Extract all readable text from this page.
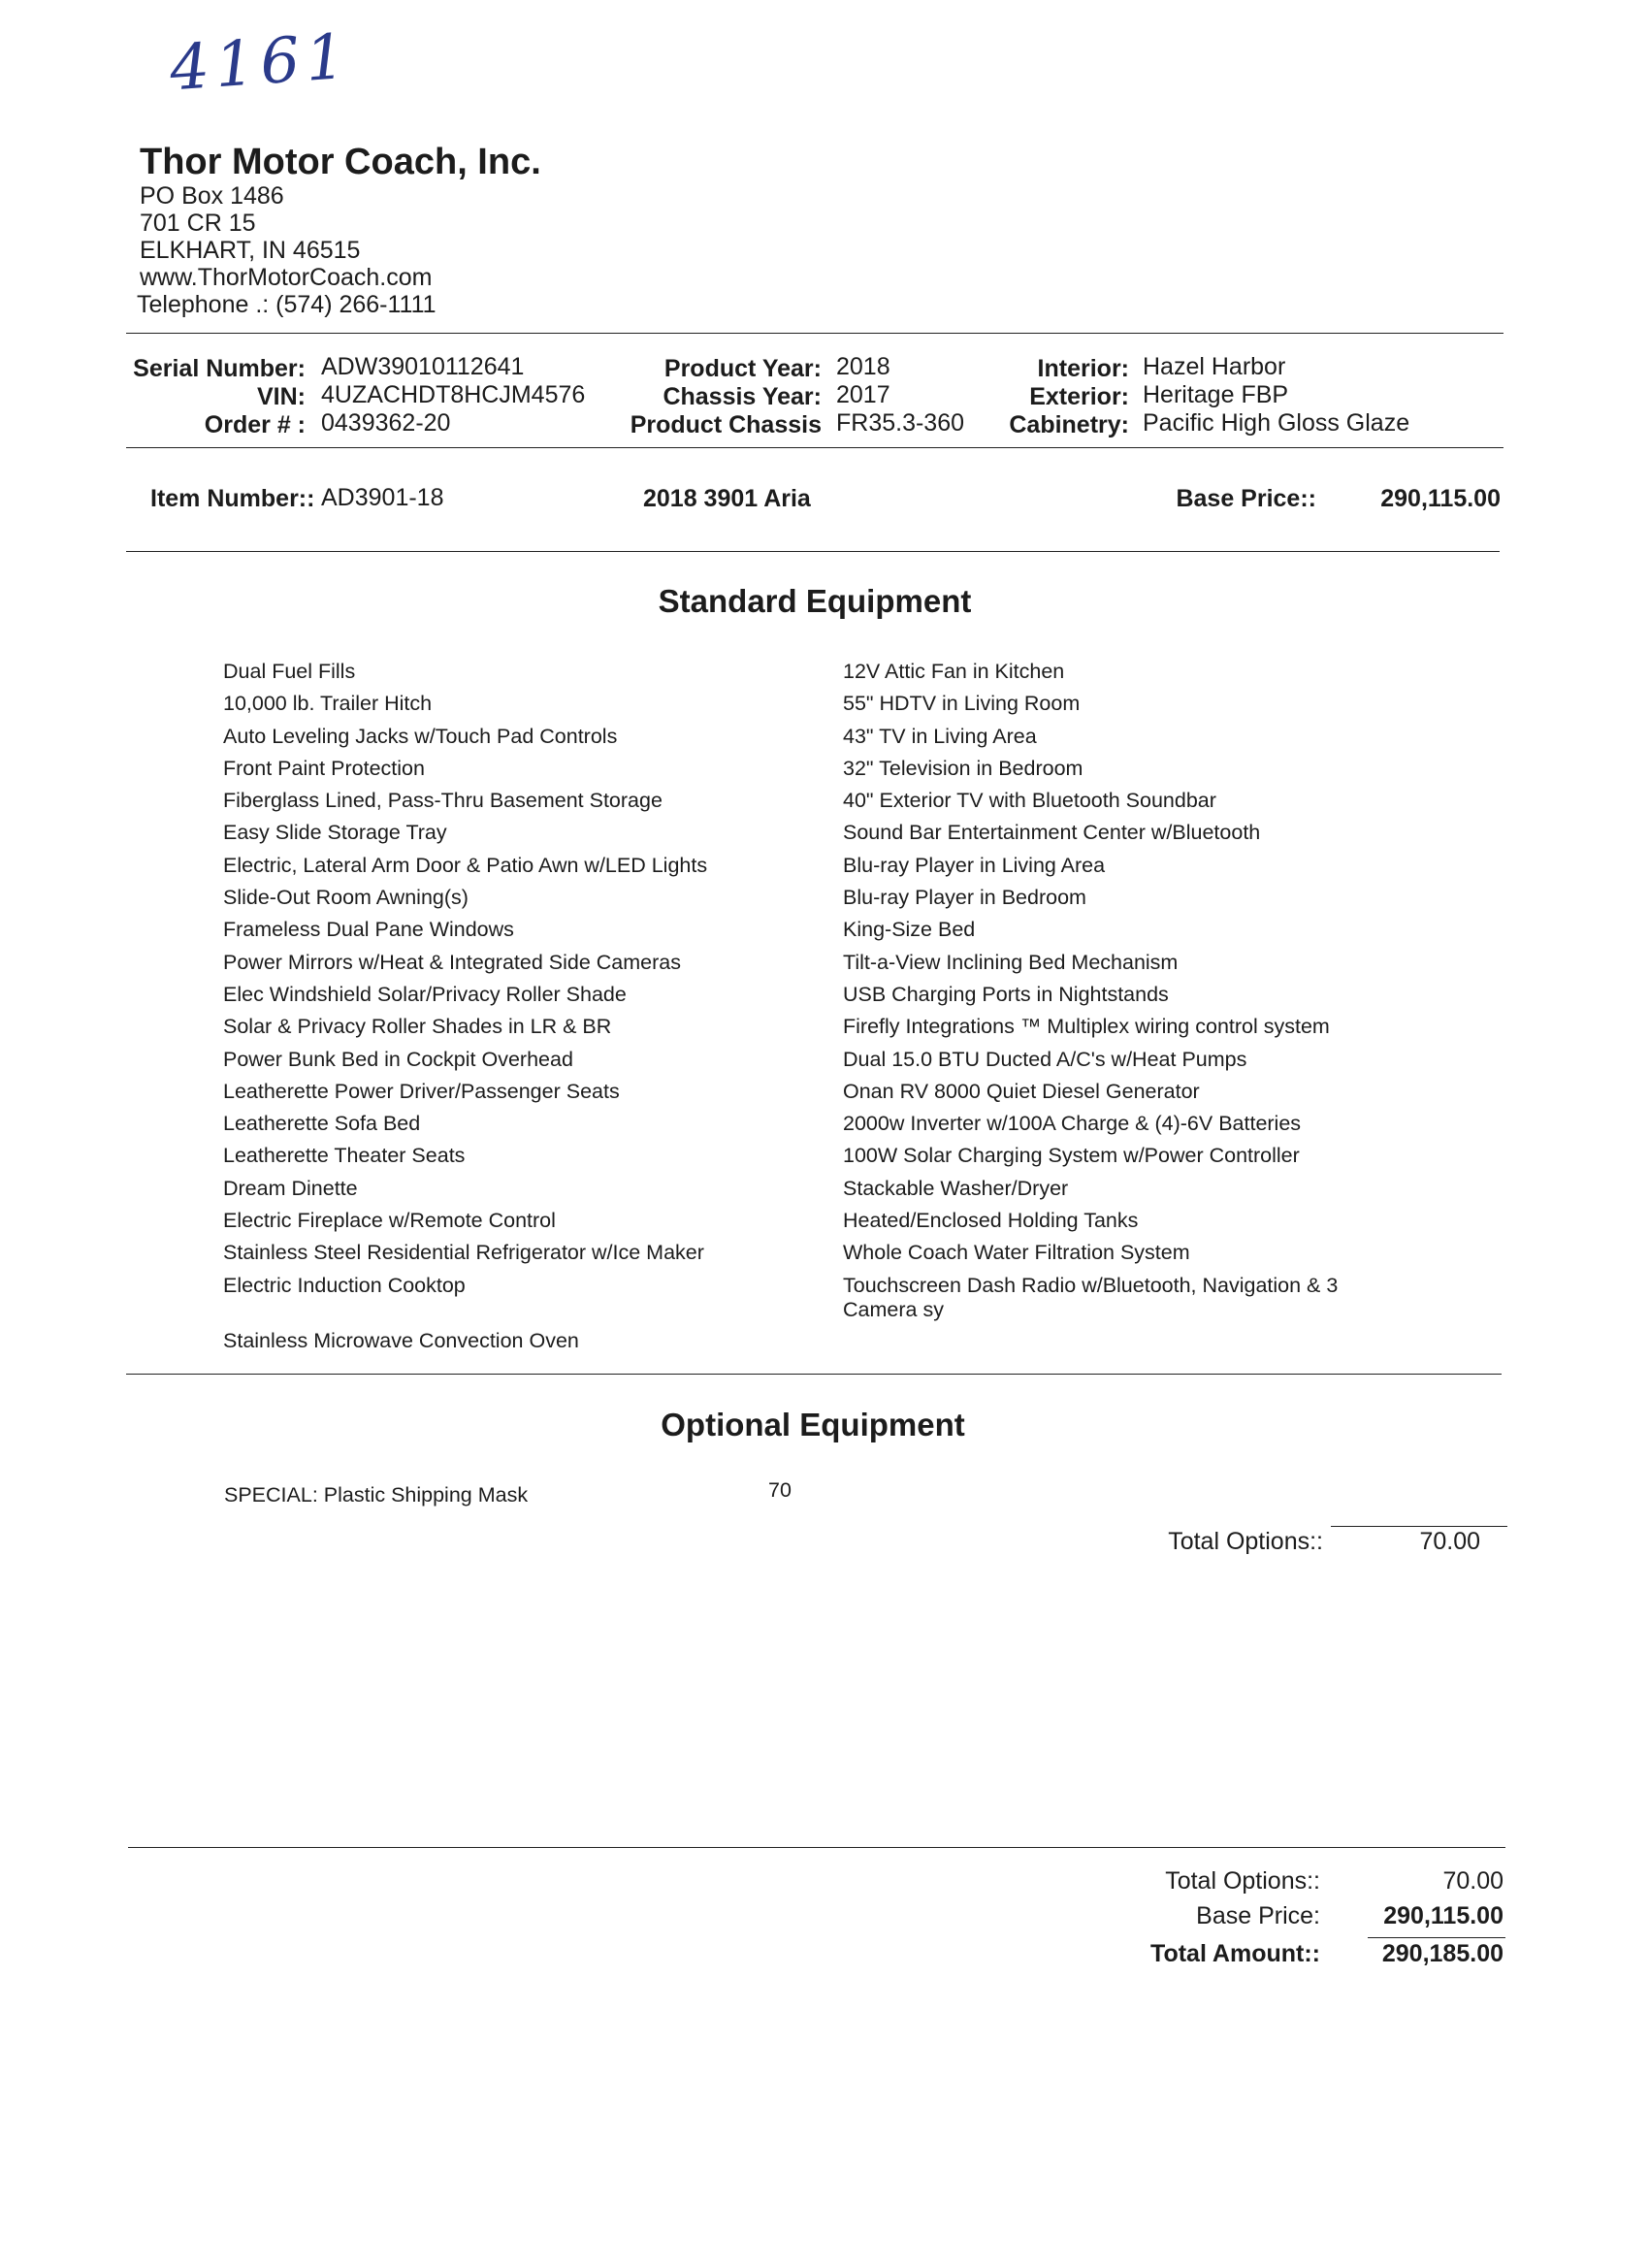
4161
Thor Motor Coach, Inc.
PO Box 1486
701 CR 15
ELKHART, IN 46515
www.ThorMotorCoach.com
Telephone .: (574) 266-1111
Serial Number: ADW39010112641
VIN: 4UZACHDT8HCJM4576
Order # : 0439362-20
Product Year: 2018
Chassis Year: 2017
Product Chassis FR35.3-360
Interior: Hazel Harbor
Exterior: Heritage FBP
Cabinetry: Pacific High Gloss Glaze
Item Number:: AD3901-18	2018 3901 Aria	Base Price::	290,115.00
Standard Equipment
Dual Fuel Fills
10,000 lb. Trailer Hitch
Auto Leveling Jacks w/Touch Pad Controls
Front Paint Protection
Fiberglass Lined, Pass-Thru Basement Storage
Easy Slide Storage Tray
Electric, Lateral Arm Door & Patio Awn w/LED Lights
Slide-Out Room Awning(s)
Frameless Dual Pane Windows
Power Mirrors w/Heat & Integrated Side Cameras
Elec Windshield Solar/Privacy Roller Shade
Solar & Privacy Roller Shades in LR & BR
Power Bunk Bed in Cockpit Overhead
Leatherette Power Driver/Passenger Seats
Leatherette Sofa Bed
Leatherette Theater Seats
Dream Dinette
Electric Fireplace w/Remote Control
Stainless Steel Residential Refrigerator w/Ice Maker
Electric Induction Cooktop
12V Attic Fan in Kitchen
55" HDTV in Living Room
43" TV in Living Area
32" Television in Bedroom
40" Exterior TV with Bluetooth Soundbar
Sound Bar Entertainment Center w/Bluetooth
Blu-ray Player in Living Area
Blu-ray Player in Bedroom
King-Size Bed
Tilt-a-View Inclining Bed Mechanism
USB Charging Ports in Nightstands
Firefly Integrations ™ Multiplex wiring control system
Dual 15.0 BTU Ducted A/C's w/Heat Pumps
Onan RV 8000 Quiet Diesel Generator
2000w Inverter w/100A Charge & (4)-6V Batteries
100W Solar Charging System w/Power Controller
Stackable Washer/Dryer
Heated/Enclosed Holding Tanks
Whole Coach Water Filtration System
Touchscreen Dash Radio w/Bluetooth, Navigation & 3 Camera sy
Stainless Microwave Convection Oven
Optional Equipment
SPECIAL: Plastic Shipping Mask	70
Total Options::	70.00
Total Options::	70.00
Base Price:	290,115.00
Total Amount::	290,185.00
